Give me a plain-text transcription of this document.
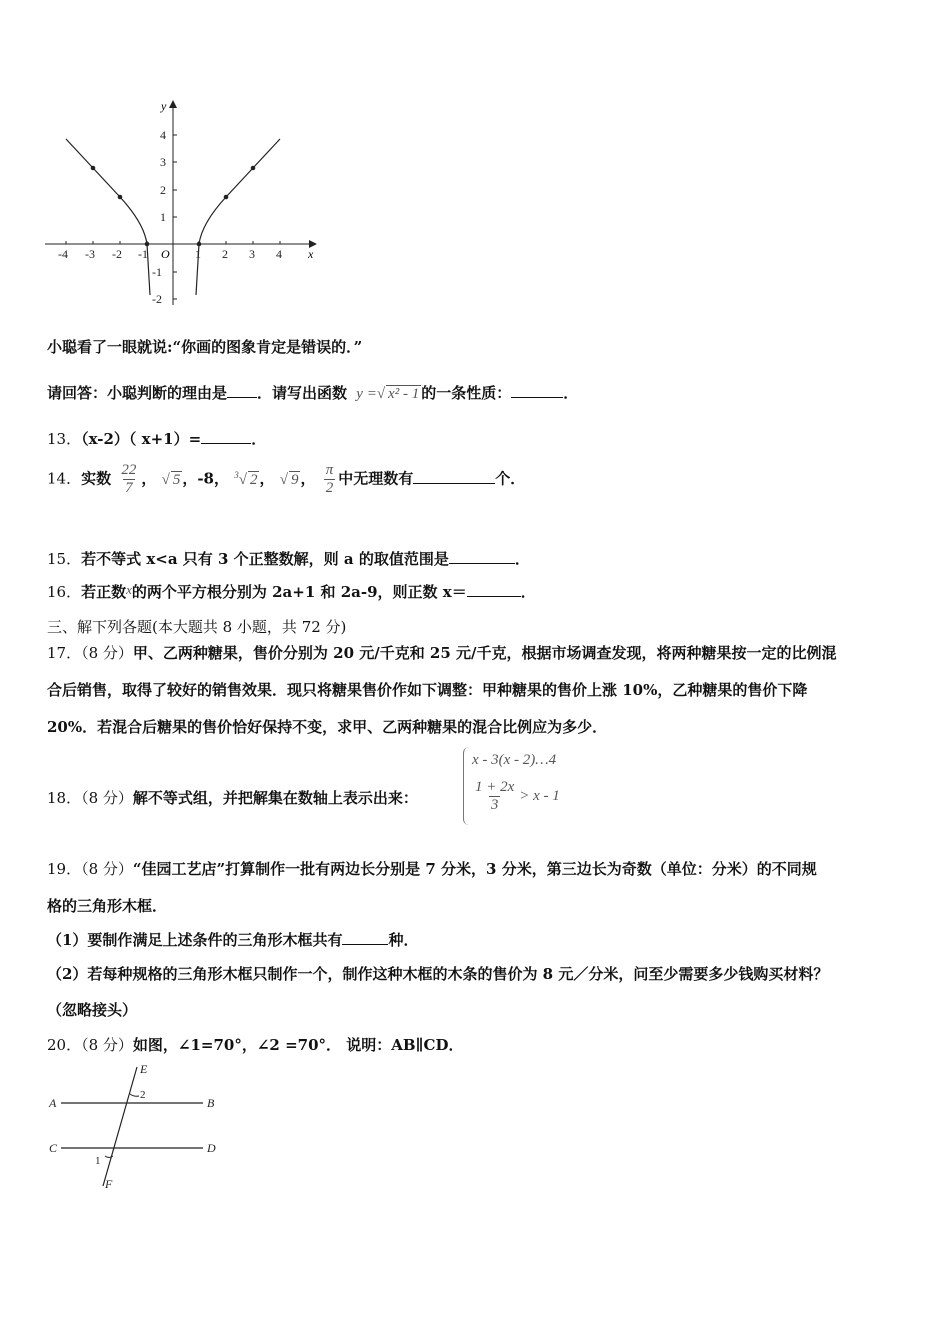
y
x
O
-4 -3 -2 -1	1 2 3 4
4
3
2
1
-1
-2
小聪看了一眼就说:“你画的图象肯定是错误的．”
请回答：小聪判断的理由是 ．请写出函数 y =√ x² - 1 的一条性质：	．
13．（x-2）（ x+1）=	．
14．实数 $\frac{22}{7}$ ， √ 5 ，-8， $^3$√ 2 ， √ 9 ， $\frac{\pi}{2}$ 中无理数有	个．
15．若不等式 x<a 只有 3 个正整数解，则 a 的取值范围是	．
16．若正数x的两个平方根分别为 2a+1 和 2a-9，则正数 x＝	．
三、解下列各题(本大题共 8 小题，共 72 分)
17．（8 分）甲、乙两种糖果，售价分别为 20 元/千克和 25 元/千克，根据市场调查发现，将两种糖果按一定的比例混
合后销售，取得了较好的销售效果．现只将糖果售价作如下调整：甲种糖果的售价上涨 10%，乙种糖果的售价下降
20%．若混合后糖果的售价恰好保持不变，求甲、乙两种糖果的混合比例应为多少．
18．（8 分）解不等式组，并把解集在数轴上表示出来：
x - 3(x - 2)…4
$\frac{1 + 2x}{3} > x - 1$
19．（8 分）“佳园工艺店”打算制作一批有两边长分别是 7 分米，3 分米，第三边长为奇数（单位：分米）的不同规
格的三角形木框．
（1）要制作满足上述条件的三角形木框共有	种．
（2）若每种规格的三角形木框只制作一个，制作这种木框的木条的售价为 8 元／分米，问至少需要多少钱购买材料？
（忽略接头）
20．（8 分）如图，∠1=70°，∠2 =70°． 说明：AB∥CD．
A	B
C	D
E
F
2
1
